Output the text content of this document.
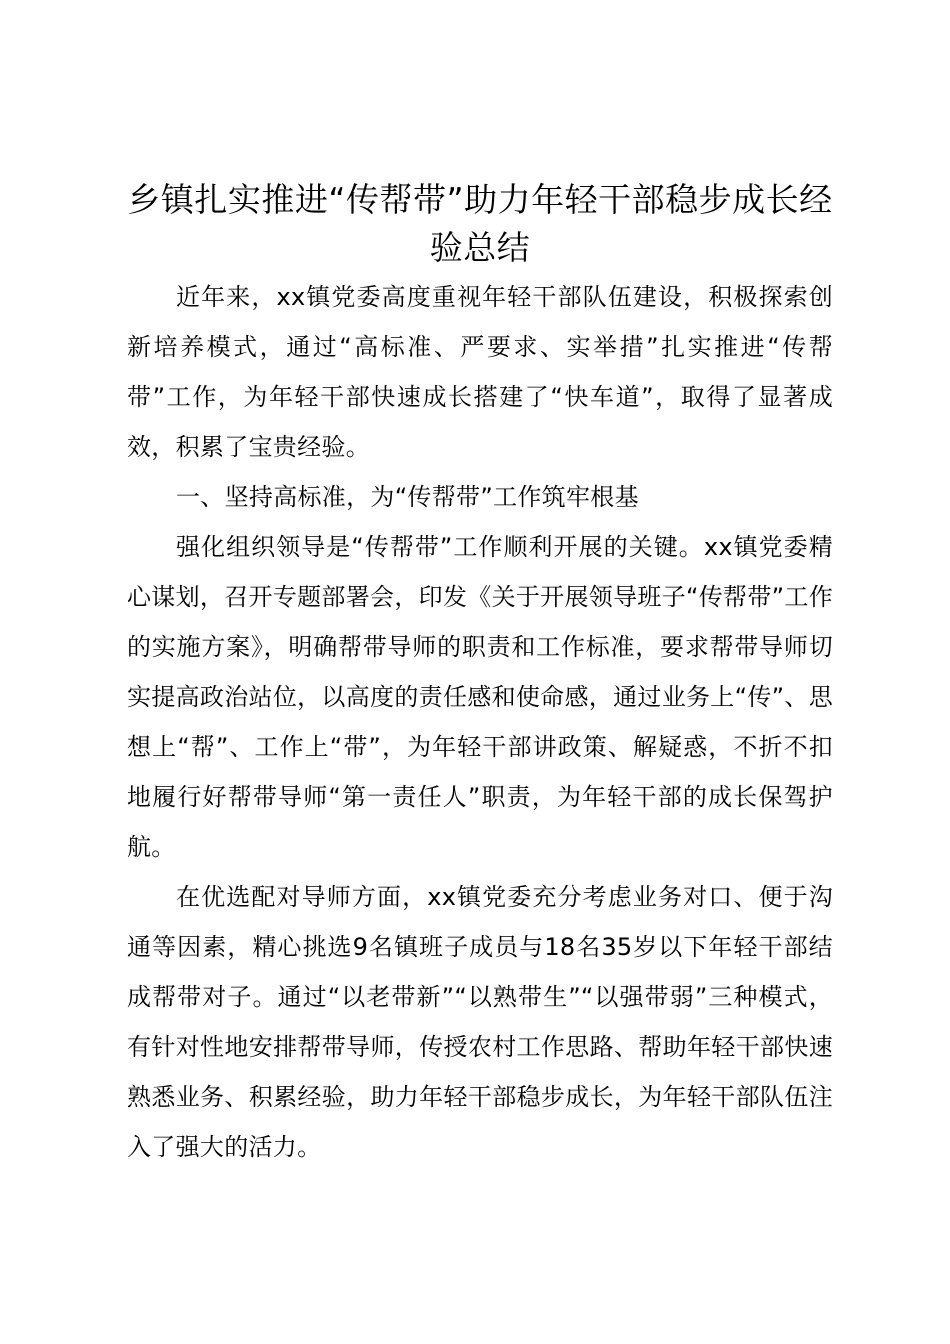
乡镇扎实推进“传帮带”助力年轻干部稳步成长经验总结

近年来，xx镇党委高度重视年轻干部队伍建设，积极探索创新培养模式，通过“高标准、严要求、实举措”扎实推进“传帮带”工作，为年轻干部快速成长搭建了“快车道”，取得了显著成效，积累了宝贵经验。

一、坚持高标准，为“传帮带”工作筑牢根基

强化组织领导是“传帮带”工作顺利开展的关键。xx镇党委精心谋划，召开专题部署会，印发《关于开展领导班子“传帮带”工作的实施方案》，明确帮带导师的职责和工作标准，要求帮带导师切实提高政治站位，以高度的责任感和使命感，通过业务上“传”、思想上“帮”、工作上“带”，为年轻干部讲政策、解疑惑，不折不扣地履行好帮带导师“第一责任人”职责，为年轻干部的成长保驾护航。

在优选配对导师方面，xx镇党委充分考虑业务对口、便于沟通等因素，精心挑选9名镇班子成员与18名35岁以下年轻干部结成帮带对子。通过“以老带新”“以熟带生”“以强带弱”三种模式，有针对性地安排帮带导师，传授农村工作思路、帮助年轻干部快速熟悉业务、积累经验，助力年轻干部稳步成长，为年轻干部队伍注入了强大的活力。
